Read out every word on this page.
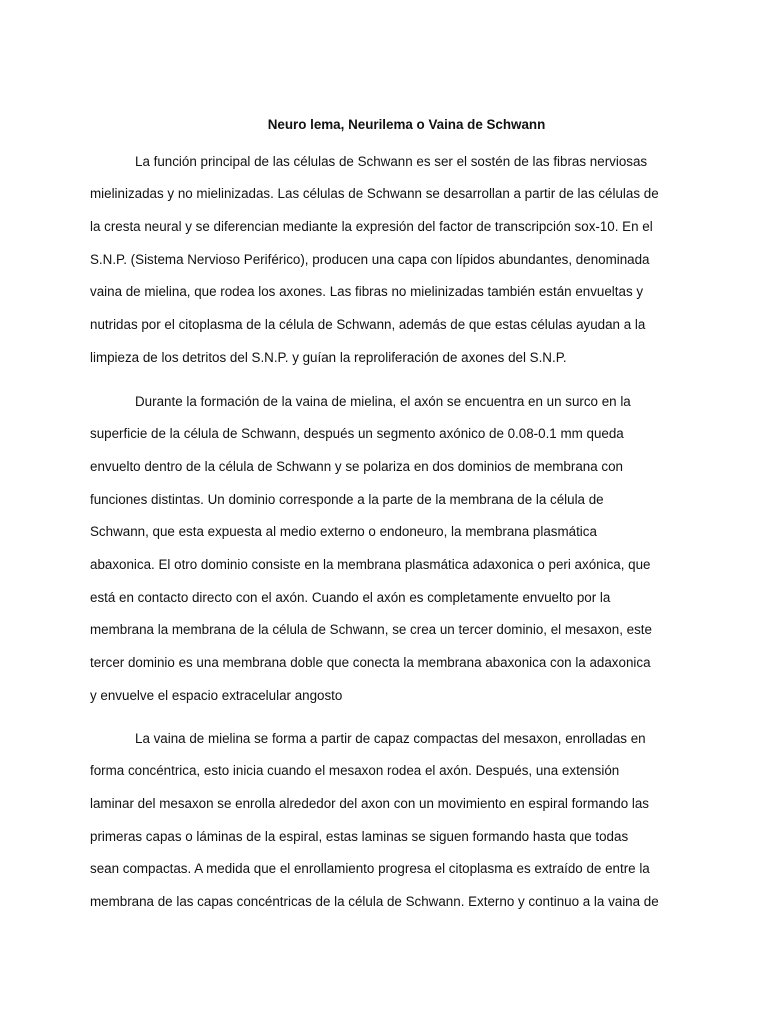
Neuro lema, Neurilema o Vaina de Schwann

La función principal de las células de Schwann es ser el sostén de las fibras nerviosas
mielinizadas y no mielinizadas. Las células de Schwann se desarrollan a partir de las células de
la cresta neural y se diferencian mediante la expresión del factor de transcripción sox-10. En el
S.N.P. (Sistema Nervioso Periférico), producen una capa con lípidos abundantes, denominada
vaina de mielina, que rodea los axones. Las fibras no mielinizadas también están envueltas y
nutridas por el citoplasma de la célula de Schwann, además de que estas células ayudan a la
limpieza de los detritos del S.N.P. y guían la reproliferación de axones del S.N.P.

Durante la formación de la vaina de mielina, el axón se encuentra en un surco en la
superficie de la célula de Schwann, después un segmento axónico de 0.08-0.1 mm queda
envuelto dentro de la célula de Schwann y se polariza en dos dominios de membrana con
funciones distintas. Un dominio corresponde a la parte de la membrana de la célula de
Schwann, que esta expuesta al medio externo o endoneuro, la membrana plasmática
abaxonica. El otro dominio consiste en la membrana plasmática adaxonica o peri axónica, que
está en contacto directo con el axón. Cuando el axón es completamente envuelto por la
membrana la membrana de la célula de Schwann, se crea un tercer dominio, el mesaxon, este
tercer dominio es una membrana doble que conecta la membrana abaxonica con la adaxonica
y envuelve el espacio extracelular angosto

La vaina de mielina se forma a partir de capaz compactas del mesaxon, enrolladas en
forma concéntrica, esto inicia cuando el mesaxon rodea el axón. Después, una extensión
laminar del mesaxon se enrolla alrededor del axon con un movimiento en espiral formando las
primeras capas o láminas de la espiral, estas laminas se siguen formando hasta que todas
sean compactas. A medida que el enrollamiento progresa el citoplasma es extraído de entre la
membrana de las capas concéntricas de la célula de Schwann. Externo y continuo a la vaina de
